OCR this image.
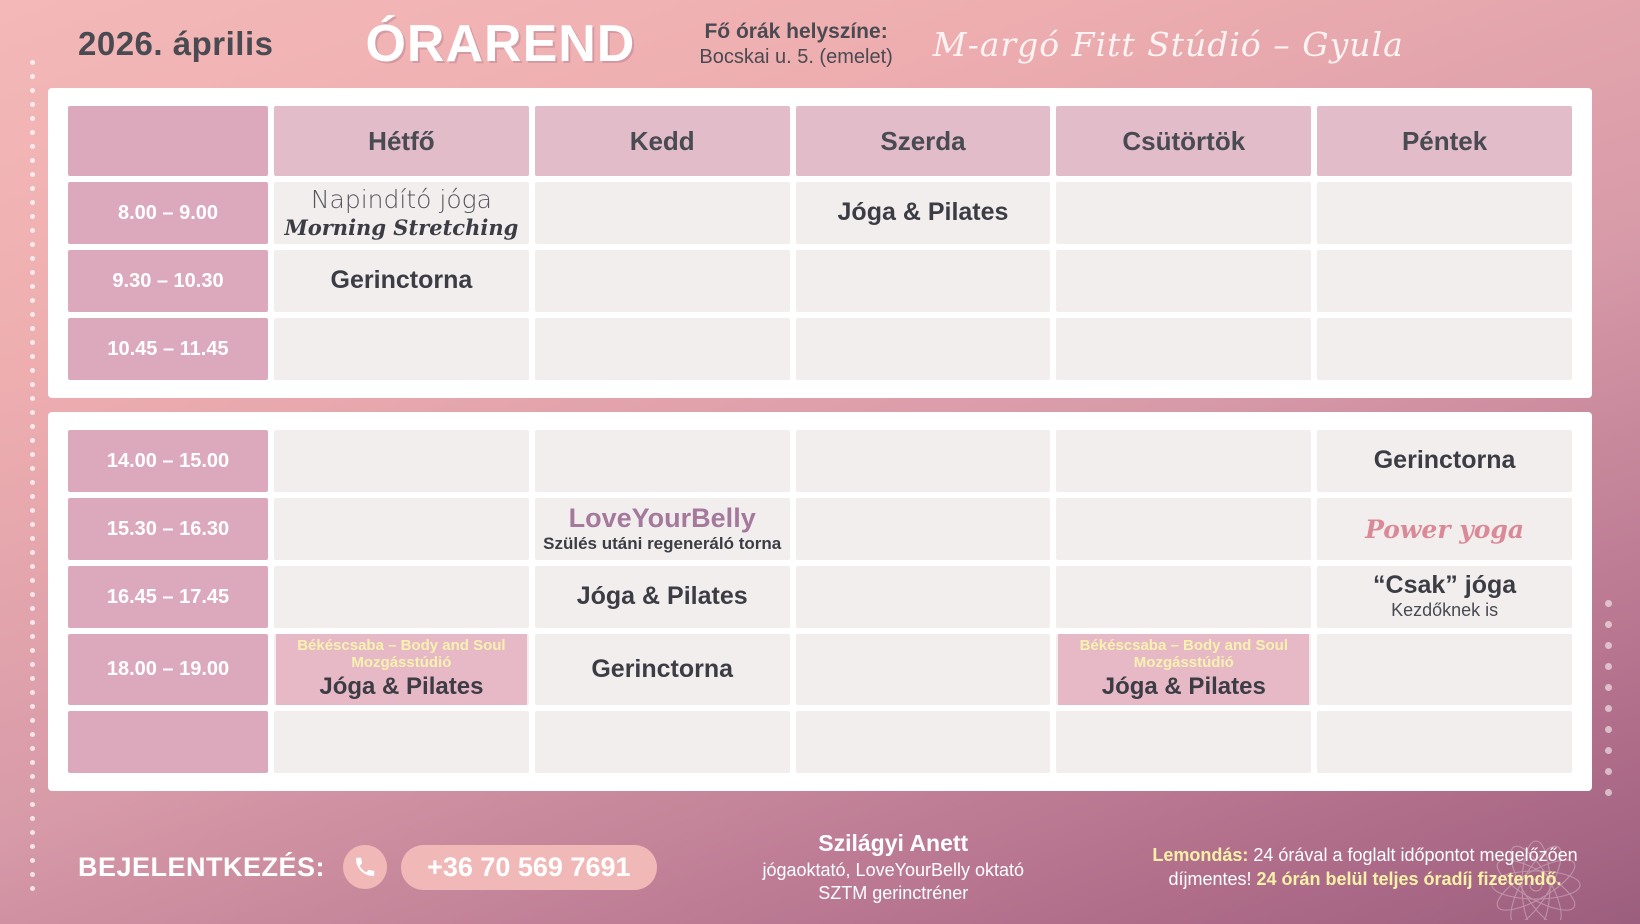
2026. április ÓRAREND	Fő órák helyszíne:
Bocskai u. 5. (emelet) M-argó Fitt Stúdió – Gyula

	Hétfő	Kedd	Szerda	Csütörtök	Péntek

8.00 – 9.00	Napindító jóga
Morning Stretching		Jóga & Pilates		

9.30 – 10.30	Gerinctorna				

10.45 – 11.45					
14.00 – 15.00					Gerinctorna

15.30 – 16.30		LoveYourBelly
Szülés utáni regeneráló torna			Power yoga

16.45 – 17.45		Jóga & Pilates			“Csak” jóga
Kezdőknek is

18.00 – 19.00	Békéscsaba – Body and Soul Mozgásstúdió
Jóga & Pilates	Gerinctorna		Békéscsaba – Body and Soul Mozgásstúdió
Jóga & Pilates	

BEJELENTKEZÉS:	+36 70 569 7691
Szilágyi Anett
jógaoktató, LoveYourBelly oktató
SZTM gerinctréner
Lemondás: 24 órával a foglalt időpontot megelőzően díjmentes! 24 órán belül teljes óradíj fizetendő.
